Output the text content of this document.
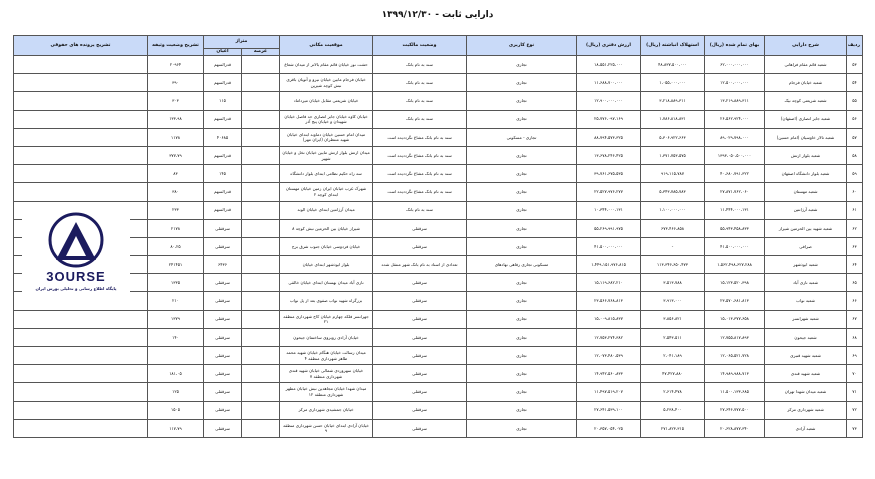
دارایی ثابت - ۱۳۹۹/۱۲/۳۰
ردیف	شرح دارایی	بهای تمام شده (ریال)	استهلاک انباشته (ریال)	ارزش دفتری (ریال)	نوع کاربری	وضعیت مالکیت	موقعیت مکانی	متراژ		تشریح وضعیت وثیقه	تشریح پرونده های حقوقی
								عرصه	اعیان		
۵۳	شعبه قائم مقام فراهانی	۶۲،۰۰۰،۰۰۰،۰۰۰	۴۸،۸۳۷،۵۰۰،۰۰۰	۱۸،۵۵۱،۲۲۵،۰۰۰	تجاری	سند به نام بانک	حشت نور خیابان قائم مقام بالاتر از میدان شعاع		قدرالسهم	۲۰۹۶۴	
۵۴	شعبه خیابان فرجام	۱۲،۵۰۰،۰۰۰،۰۰۰	۱،۰۵۵،۰۰۰،۰۰۰	۱۱،۶۸۸،۷۰۰،۰۰۰	تجاری	سند به نام بانک	خیابان فرجام مابین خیابان نیرو و آتوبان باقری نبش کوچه شیرین		قدرالسهم	۳۹۰	
۵۵	شعبه شریعتی کوچه نیک	۱۳،۲۱۹،۸۸۹،۳۱۱	۳،۲۱۸،۸۸۹،۳۱۱	۱۲،۹۰۰،۰۰۰،۰۰۰	تجاری	سند به نام بانک	خیابان شریعتی مقابل خیابان میرداماد		۱۱۵	۳۰۳	
۵۶	شعبه جابر انصاری (اصفهان)	۲۶،۵۶۲،۹۲۴،۰۰۰	۱،۷۸۶،۸۱۸،۸۳۱	۲۵،۷۷۶،۰۹۷،۱۶۹	تجاری	سند به نام بانک	خیابان کاوه خیابان جابر انصاری حد فاصل خیابان شهیدان و خیابان پنج آذر		قدرالسهم	۱۳۳،۹۸	
۵۷	شعبه تالار خاوسیان (امام حسین)	۸۹،۰۲۹،۷۹۸،۰۰۰	۵،۳۰۶،۹۲۲،۶۶۳	۸۸،۷۹۴،۵۷۳،۳۲۵	تجاری - مسکونی	سند به نام بانک مشاع نگرددیده است	میدان امام حسین خیابان دماوند ابتدای خیابان شهید منتظران (ایران مهر)		۴۰۶۸۵	۱۱۷۸	
۵۸	شعبه بلوار ارتش	۱۳۹۳،۰۵۰،۵۰۰،۰۰۰	۱،۳۷۱،۷۵۳،۵۷۵	۱۳،۶۷۸،۲۴۶،۴۲۵	تجاری	سند به نام بانک مشاع نگرددیده است	میدان ارتش بلوار ارتش مابین خیابان نخل و خیابان شهیر		قدرالسهم	۳۷۷،۷۹	
۵۹	شعبه بلوار دانشگاه اصفهان	۴۰،۶۸۰،۷۹۱،۳۲۲	۹۱۹،۱۱۵،۷۸۷	۳۹،۷۶۱،۶۷۵،۵۳۵	تجاری	سند به نام بانک مشاع نگرددیده است	سه راه حکیم نظامی ابتدای بلوار دانشگاه		۱۴۵	۸۳	
۶۰	شعبه مهستان	۲۷،۸۷۱،۷۶۲،۰۶۰	۵،۳۴۳،۷۸۵،۷۸۳	۲۲،۵۲۷،۹۷۶،۲۷۷	تجاری	سند به نام بانک مشاع نگرددیده است	شهرک غرب خیابان ایران زمین خیابان مهستان ابتدای کوچه ۲		قدرالسهم	۳۸۰	
۶۱	شعبه آرژانتین	۱۱،۴۴۴،۰۰۰،۱۳۱	۱،۱۰۰،۰۰۰،۰۰۰	۱۰،۳۴۴،۰۰۰،۱۳۱	تجاری	سند به نام بانک	میدان آرژانتین ابتدای خیابان الوند		قدرالسهم	۲۳۳	
۶۲	شعبه شهید بین الحرمین شیراز	۵۵،۹۴۳،۴۵۸،۸۳۳	۶۷۳،۴۶۶،۸۵۸	۵۵،۲۶۹،۹۹۱،۹۷۵	تجاری	سرقفلی	شیراز خیابان بین الحرمین نبش کوچه ۸		سرقفلی	۲۱۷۸	
۶۳	صرافی	۴۱،۵۰۰،۰۰۰،۰۰۰	-	۴۱،۵۰۰،۰۰۰،۰۰۰	تجاری	سرقفلی	خیابان فردوسی خیابان جنوب شرق برج		سرقفلی	۸۰،۲۵	
۶۴	شعبه ابوذشهر	۱،۵۶۲،۴۹۸،۶۲۷،۲۸۸	۱۱۳،۳۴۶،۶۵۰،۴۷۳	۱،۴۴۹،۱۵۱،۹۷۶،۸۱۵	مسکونی تجاری رفاهی نهادهای	تعدادی از اسناد به نام بانک شهر منتقل شده	بلوار ابوذشهر ابتدای خیابان		۶۴۳۶	۲۴۱۴۵۱	
۶۵	شعبه نازی آباد	۱۵،۱۲۳،۵۲۰،۳۹۸	۳،۵۱۳،۷۸۸	۱۵،۱۱۹،۶۸۲،۲۱۰	تجاری	سرقفلی	نازی آباد میدان بهستان ابتدای خیابان خالقی		سرقفلی	۱۳۳۵	
۶۶	شعبه نواب	۲۳،۵۷۰،۶۸۱،۸۱۳	۳،۹۱۳،۰۰۰	۲۳،۵۶۶،۷۶۸،۸۱۳	تجاری	سرقفلی	بزرگراه شهید نواب صفوی بعد از پل نواب		سرقفلی	۲۱۰	
۶۷	شعبه شهرانسر	۱۵،۰۱۳،۳۷۷،۶۵۸	۳،۸۵۶،۸۲۱	۱۵،۰۰۹،۸۱۵،۸۳۷	تجاری	سرقفلی	جهرانسر فلکه چهارم خیابان کاج شهرداری منطقه ۲۱		سرقفلی	۱۳۷۹	
۶۸	شعبه جیحون	۱۲،۷۵۵،۸۱۷،۸۹۳	۲،۵۴۳،۵۱۱	۱۲،۷۵۳،۲۷۴،۳۸۲	تجاری	سرقفلی	خیابان آزادی روبروی ساختمان جیحون		سرقفلی	۱۴۰	
۶۹	شعبه شهید قنبری	۱۲،۰۶۵،۵۲۱،۷۲۸	۲،۰۴۱،۱۸۹	۱۲،۰۷۳،۴۸۰،۵۳۹	تجاری	سرقفلی	میدان رسالت خیابان هنگام خیابان شهید محمد طاهر شهرداری منطقه ۴		سرقفلی		
۷۰	شعبه شهید قندی	۱۴،۹۸۹،۹۸۸،۷۱۳	۴۷،۴۲۷،۸۸۰	۱۴،۹۴۲،۵۶۰،۸۳۳	تجاری	سرقفلی	خیابان سهروردی شمالی خیابان شهید قندی شهرداری منطقه ۷		سرقفلی	۱۸۱،۰۵	
۷۱	شعبه میدان شهدا تهران	۱۱،۵۰۰،۱۳۳،۶۸۵	۲،۶۱۴،۴۷۸	۱۱،۴۹۷،۵۱۹،۲۰۷	تجاری	سرقفلی	میدان شهدا خیابان مجاهدین نبش خیابان مطهر شهرداری منطقه ۱۲		سرقفلی	۱۲۵	
۷۲	شعبه شهرداری مرکز	۲۷،۶۴۶،۷۷۷،۵۰۰	۵،۲۳۸،۴۰۰	۲۷،۶۴۱،۵۳۹،۱۰۰	تجاری	سرقفلی	خیابان جمشیدی شهرداری مرکز		سرقفلی	۱۵۰۵	
۷۳	شعبه آزادی	۲۰،۶۲۸،۸۷۷،۳۴۰	۲۷۱،۸۲۳،۳۱۵	۲۰،۳۵۷،۰۵۴،۰۲۵	تجاری	سرقفلی	خیابان آزادی ابتدای خیابان حسن شهرداری منطقه ۹		سرقفلی	۱۱۷،۷۹	
3OURSE
پایگاه اطلاع رسانی و تحلیلی بورس ایران
